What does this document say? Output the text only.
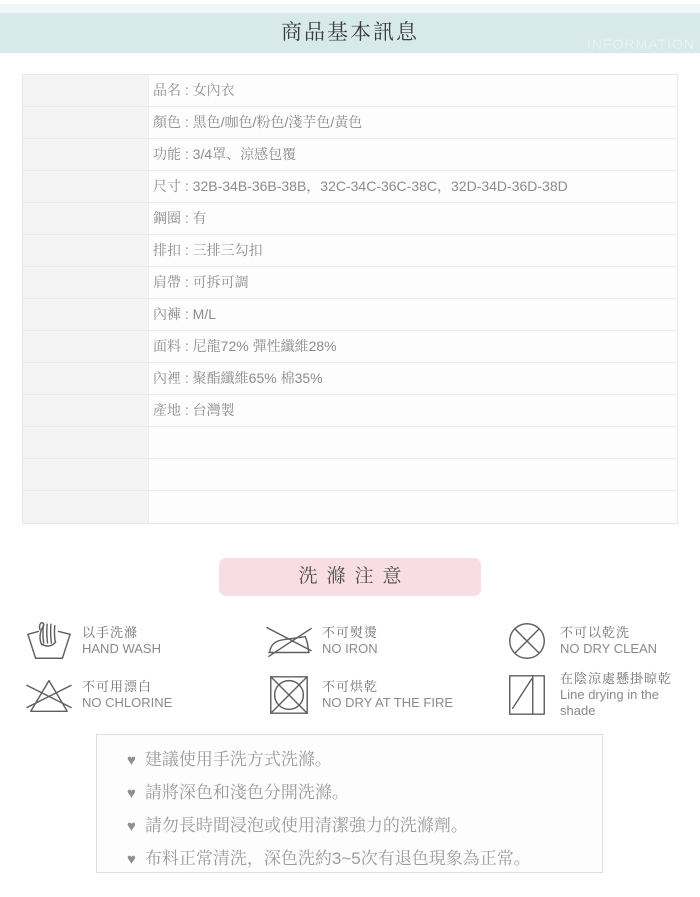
商品基本訊息	INFORMATION
品名 : 女內衣
顏色 : 黑色/咖色/粉色/淺芋色/黃色
功能 : 3/4罩、涼感包覆
尺寸 : 32B-34B-36B-38B，32C-34C-36C-38C，32D-34D-36D-38D
鋼圈 : 有
排扣 : 三排三勾扣
肩帶 : 可拆可調
內褲 : M/L
面料 : 尼龍72% 彈性纖維28%
內裡 : 聚酯纖維65% 棉35%
產地 : 台灣製
洗滌注意
以手洗滌
HAND WASH
不可用漂白
NO CHLORINE
不可熨燙
NO IRON
不可烘乾
NO DRY AT THE FIRE
不可以乾洗
NO DRY CLEAN
在陰涼處懸掛晾乾
Line drying in the shade
♥ 建議使用手洗方式洗滌。
♥ 請將深色和淺色分開洗滌。
♥ 請勿長時間浸泡或使用清潔強力的洗滌劑。
♥ 布料正常清洗，深色洗約3~5次有退色現象為正常。
